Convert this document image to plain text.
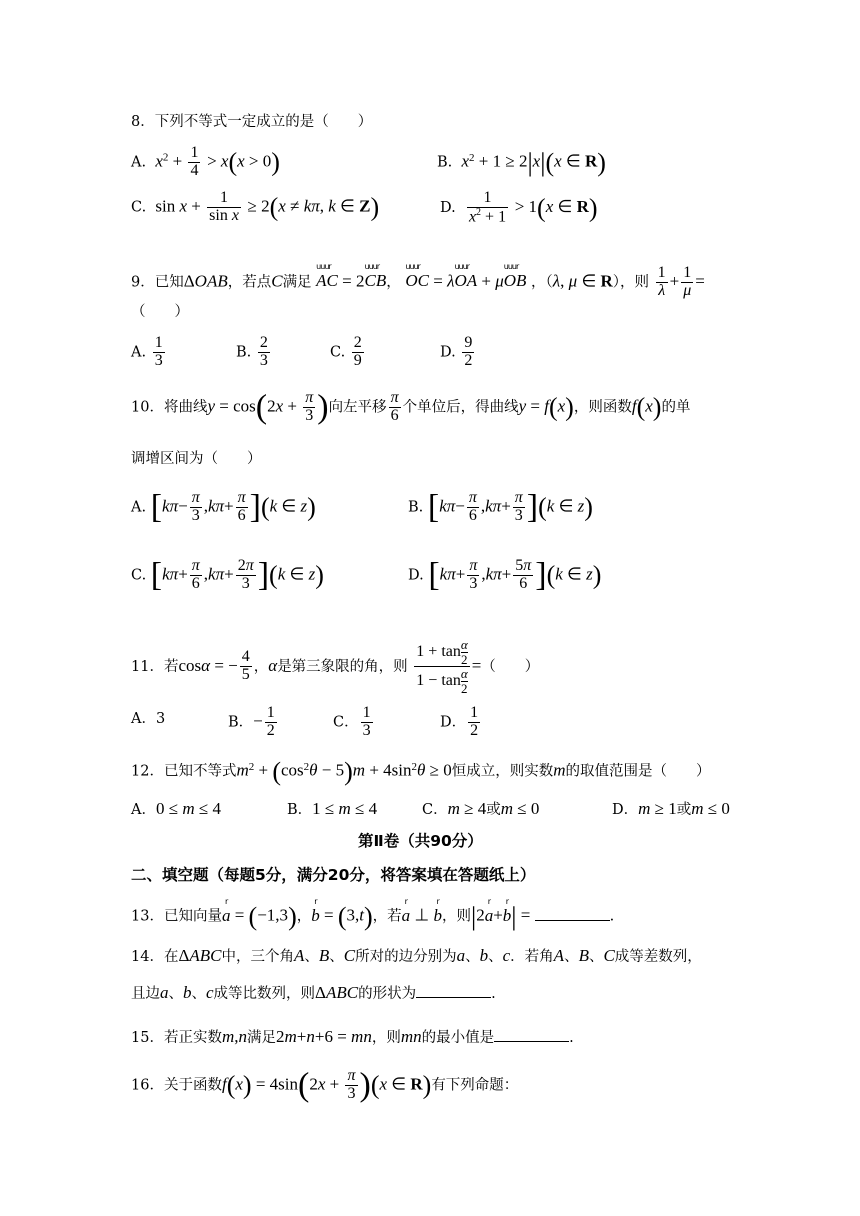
8．下列不等式一定成立的是（　　）
A. $x^2 + \frac{1}{4} > x(x > 0)$	B. $x^2 + 1 \ge 2|x|(x$ ∈ R)
C. $\sin x + \frac{1}{\text{sin x}} \ge 2(x \ne k\pi$, k ∈ Z)	D. $\frac{1}{x^2 + 1} > 1(x$ ∈ R)
9．已知ΔOAB，若点C满足 uuur AC = 2uuur CB， uuur OC = λuuur OA + μuuur OB ，（λ, μ ∈ R），则 $\frac{1}{\lambda} + \frac{1}{\mu}$ =
（　　）
A. $\frac{1}{3}$	B. $\frac{2}{3}$	C. $\frac{2}{9}$	D. $\frac{9}{2}$
10．将曲线$y = \cos(2x + \frac{\pi}{3}$ )向左平移 $\frac{\pi}{6}$ 个单位后，得曲线y = f(x)，则函数f(x)的单
调增区间为（　　）
A. $[k\pi- \frac{\pi}{3} ,k\pi+ \frac{\pi}{6} ](k$ ∈ z)	B. $[k\pi- \frac{\pi}{6} ,k\pi+ \frac{\pi}{3} ](k$ ∈ z)
C. $[k\pi+ \frac{\pi}{6} ,k\pi+ \frac{2\pi}{3} ](k$ ∈ z)	D. $[k\pi+ \frac{\pi}{3} ,k\pi+ \frac{5\pi}{6} ](k$ ∈ z)
11．若cosα = − $\frac{4}{5}$ ，α是第三象限的角，则 $\frac{1 + \tan \frac{\alpha}{2}}{1 - \tan \frac{\alpha}{2}}$ =（　　）
A．3	B．− $\frac{1}{2}$	C． $\frac{1}{3}$	D． $\frac{1}{2}$
12．已知不等式$m^2 + (\cos^2\theta - 5)m + 4\sin^2\theta \ge 0$恒成立，则实数m的取值范围是（　　）
A．0 ≤ m ≤ 4	B．1 ≤ m ≤ 4	C．m ≥ 4或m ≤ 0	D．m ≥ 1或m ≤ 0
第Ⅱ卷（共90分）
二、填空题（每题5分，满分20分，将答案填在答题纸上）
13．已知向量r a = (−1,3)，r b = (3,t)，若r a ⊥ r b，则|2r a+r b| =	.
14．在ΔABC中，三个角A、B、C所对的边分别为a、b、c．若角A、B、C成等差数列，
且边a、b、c成等比数列，则ΔABC的形状为	.
15．若正实数m,n满足2m+n+6 = mn，则mn的最小值是	.
16．关于函数$f(x) = 4\sin(2x + \frac{\pi}{3} )(x$ ∈ R)有下列命题：
